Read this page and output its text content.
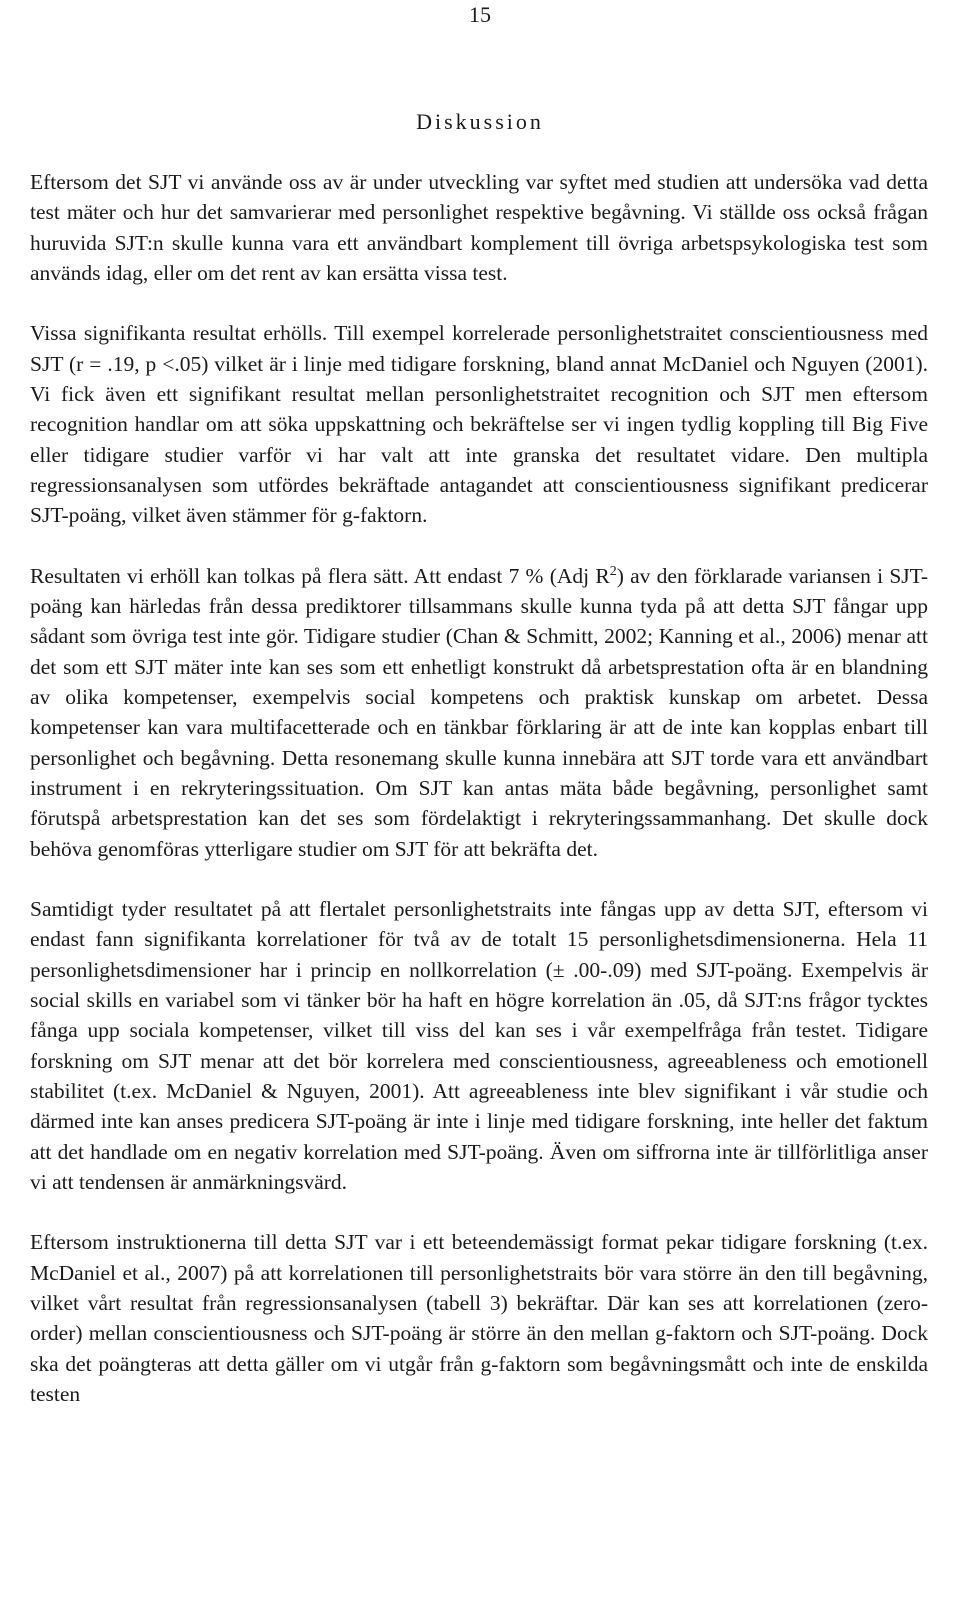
15
Diskussion

Eftersom det SJT vi använde oss av är under utveckling var syftet med studien att undersöka vad detta test mäter och hur det samvarierar med personlighet respektive begåvning. Vi ställde oss också frågan huruvida SJT:n skulle kunna vara ett användbart komplement till övriga arbetspsykologiska test som används idag, eller om det rent av kan ersätta vissa test.

Vissa signifikanta resultat erhölls. Till exempel korrelerade personlighetstraitet conscientiousness med SJT (r = .19, p <.05) vilket är i linje med tidigare forskning, bland annat McDaniel och Nguyen (2001). Vi fick även ett signifikant resultat mellan personlighetstraitet recognition och SJT men eftersom recognition handlar om att söka uppskattning och bekräftelse ser vi ingen tydlig koppling till Big Five eller tidigare studier varför vi har valt att inte granska det resultatet vidare. Den multipla regressionsanalysen som utfördes bekräftade antagandet att conscientiousness signifikant predicerar SJT-poäng, vilket även stämmer för g-faktorn.

Resultaten vi erhöll kan tolkas på flera sätt. Att endast 7 % (Adj $R^2$) av den förklarade variansen i SJT-poäng kan härledas från dessa prediktorer tillsammans skulle kunna tyda på att detta SJT fångar upp sådant som övriga test inte gör. Tidigare studier (Chan & Schmitt, 2002; Kanning et al., 2006) menar att det som ett SJT mäter inte kan ses som ett enhetligt konstrukt då arbetsprestation ofta är en blandning av olika kompetenser, exempelvis social kompetens och praktisk kunskap om arbetet. Dessa kompetenser kan vara multifacetterade och en tänkbar förklaring är att de inte kan kopplas enbart till personlighet och begåvning. Detta resonemang skulle kunna innebära att SJT torde vara ett användbart instrument i en rekryteringssituation. Om SJT kan antas mäta både begåvning, personlighet samt förutspå arbetsprestation kan det ses som fördelaktigt i rekryteringssammanhang. Det skulle dock behöva genomföras ytterligare studier om SJT för att bekräfta det.

Samtidigt tyder resultatet på att flertalet personlighetstraits inte fångas upp av detta SJT, eftersom vi endast fann signifikanta korrelationer för två av de totalt 15 personlighetsdimensionerna. Hela 11 personlighetsdimensioner har i princip en nollkorrelation (± .00-.09) med SJT-poäng. Exempelvis är social skills en variabel som vi tänker bör ha haft en högre korrelation än .05, då SJT:ns frågor tycktes fånga upp sociala kompetenser, vilket till viss del kan ses i vår exempelfråga från testet. Tidigare forskning om SJT menar att det bör korrelera med conscientiousness, agreeableness och emotionell stabilitet (t.ex. McDaniel & Nguyen, 2001). Att agreeableness inte blev signifikant i vår studie och därmed inte kan anses predicera SJT-poäng är inte i linje med tidigare forskning, inte heller det faktum att det handlade om en negativ korrelation med SJT-poäng. Även om siffrorna inte är tillförlitliga anser vi att tendensen är anmärkningsvärd.

Eftersom instruktionerna till detta SJT var i ett beteendemässigt format pekar tidigare forskning (t.ex. McDaniel et al., 2007) på att korrelationen till personlighetstraits bör vara större än den till begåvning, vilket vårt resultat från regressionsanalysen (tabell 3) bekräftar. Där kan ses att korrelationen (zero-order) mellan conscientiousness och SJT-poäng är större än den mellan g-faktorn och SJT-poäng. Dock ska det poängteras att detta gäller om vi utgår från g-faktorn som begåvningsmått och inte de enskilda testen
